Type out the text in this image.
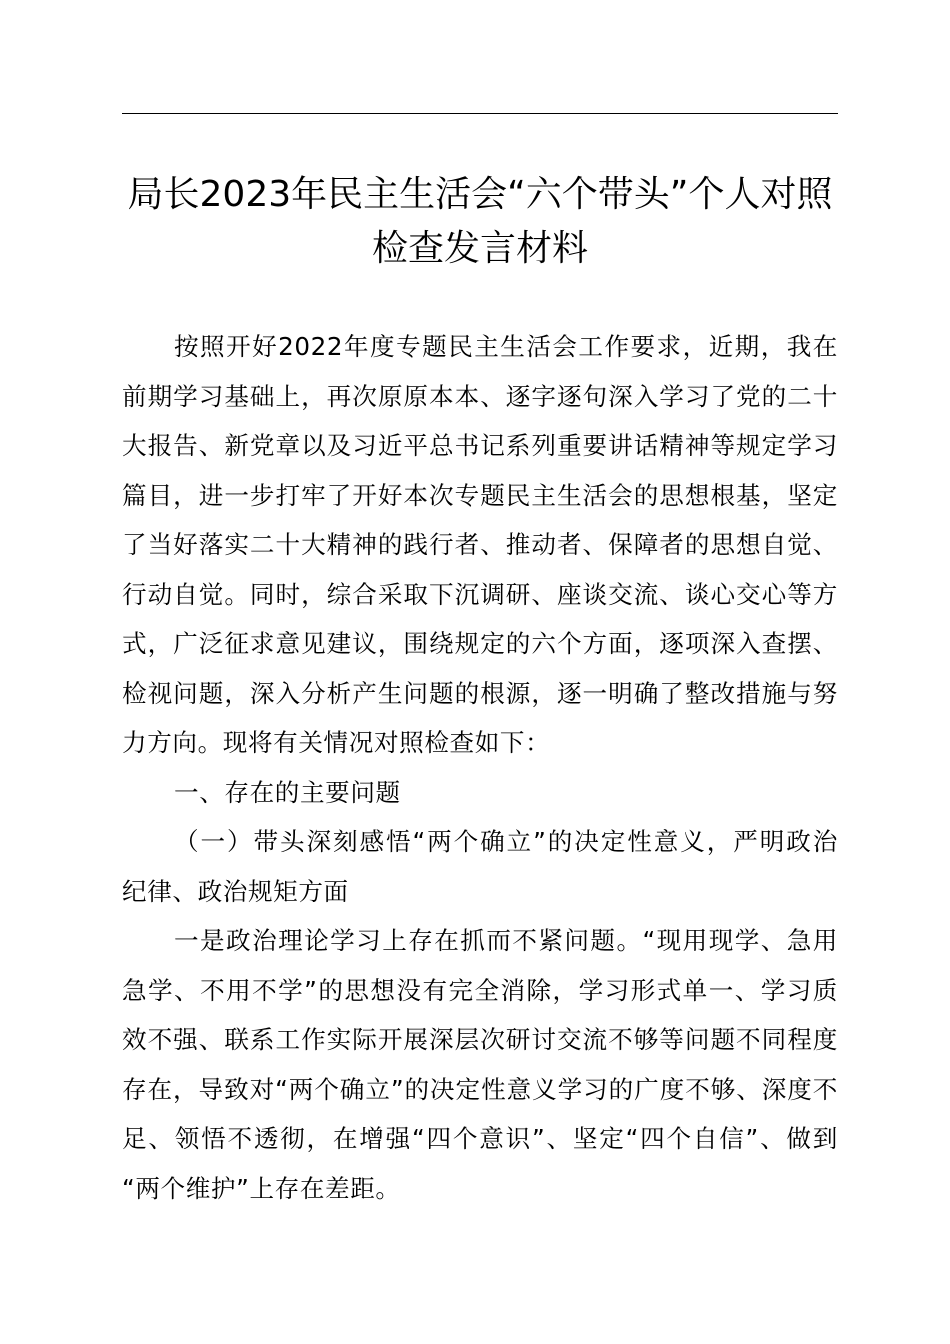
局长2023年民主生活会“六个带头”个人对照
检查发言材料
按照开好2022年度专题民主生活会工作要求，近期，我在
前期学习基础上，再次原原本本、逐字逐句深入学习了党的二十
大报告、新党章以及习近平总书记系列重要讲话精神等规定学习
篇目，进一步打牢了开好本次专题民主生活会的思想根基，坚定
了当好落实二十大精神的践行者、推动者、保障者的思想自觉、
行动自觉。同时，综合采取下沉调研、座谈交流、谈心交心等方
式，广泛征求意见建议，围绕规定的六个方面，逐项深入查摆、
检视问题，深入分析产生问题的根源，逐一明确了整改措施与努
力方向。现将有关情况对照检查如下：
一、存在的主要问题
（一）带头深刻感悟“两个确立”的决定性意义，严明政治
纪律、政治规矩方面
一是政治理论学习上存在抓而不紧问题。“现用现学、急用
急学、不用不学”的思想没有完全消除，学习形式单一、学习质
效不强、联系工作实际开展深层次研讨交流不够等问题不同程度
存在，导致对“两个确立”的决定性意义学习的广度不够、深度不
足、领悟不透彻，在增强“四个意识”、坚定“四个自信”、做到
“两个维护”上存在差距。
